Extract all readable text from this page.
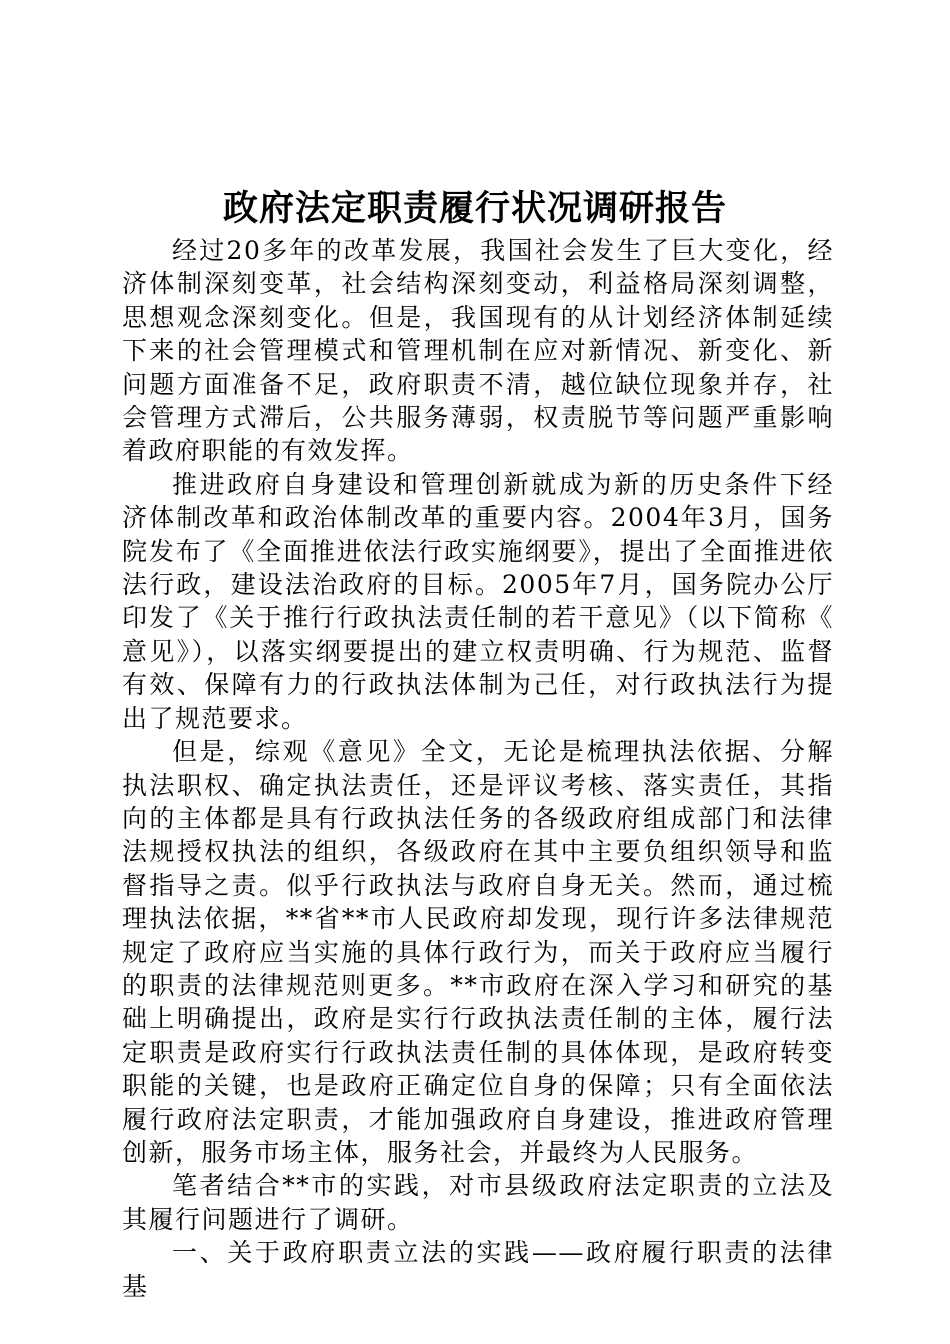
政府法定职责履行状况调研报告

经过20多年的改革发展，我国社会发生了巨大变化，经济体制深刻变革，社会结构深刻变动，利益格局深刻调整，思想观念深刻变化。但是，我国现有的从计划经济体制延续下来的社会管理模式和管理机制在应对新情况、新变化、新问题方面准备不足，政府职责不清，越位缺位现象并存，社会管理方式滞后，公共服务薄弱，权责脱节等问题严重影响着政府职能的有效发挥。

推进政府自身建设和管理创新就成为新的历史条件下经济体制改革和政治体制改革的重要内容。2004年3月，国务院发布了《全面推进依法行政实施纲要》，提出了全面推进依法行政，建设法治政府的目标。2005年7月，国务院办公厅印发了《关于推行行政执法责任制的若干意见》（以下简称《意见》），以落实纲要提出的建立权责明确、行为规范、监督有效、保障有力的行政执法体制为己任，对行政执法行为提出了规范要求。

但是，综观《意见》全文，无论是梳理执法依据、分解执法职权、确定执法责任，还是评议考核、落实责任，其指向的主体都是具有行政执法任务的各级政府组成部门和法律法规授权执法的组织，各级政府在其中主要负组织领导和监督指导之责。似乎行政执法与政府自身无关。然而，通过梳理执法依据，**省**市人民政府却发现，现行许多法律规范规定了政府应当实施的具体行政行为，而关于政府应当履行的职责的法律规范则更多。**市政府在深入学习和研究的基础上明确提出，政府是实行行政执法责任制的主体，履行法定职责是政府实行行政执法责任制的具体体现，是政府转变职能的关键，也是政府正确定位自身的保障；只有全面依法履行政府法定职责，才能加强政府自身建设，推进政府管理创新，服务市场主体，服务社会，并最终为人民服务。

笔者结合**市的实践，对市县级政府法定职责的立法及其履行问题进行了调研。

一、关于政府职责立法的实践——政府履行职责的法律基
